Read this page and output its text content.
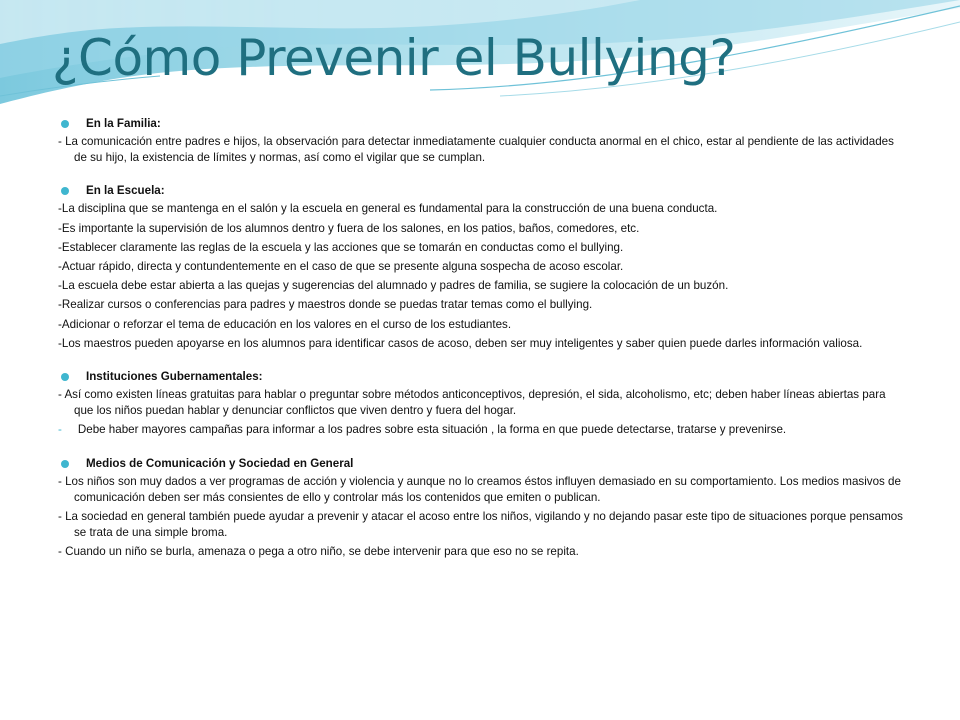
¿Cómo Prevenir el Bullying?
En la Familia:
- La comunicación entre padres e hijos, la observación para detectar inmediatamente cualquier conducta anormal en el chico, estar al pendiente de las actividades de su hijo, la existencia de límites y normas, así como el vigilar que se cumplan.
En la Escuela:
-La disciplina que se mantenga en el salón y la escuela en general es fundamental para la construcción de una buena conducta.
-Es importante la supervisión de los alumnos dentro y fuera de los salones, en los patios, baños, comedores, etc.
-Establecer claramente las reglas de la escuela y las acciones que se tomarán en conductas como el bullying.
-Actuar rápido, directa y contundentemente en el caso de que se presente alguna sospecha de acoso escolar.
-La escuela debe estar abierta a las quejas y sugerencias del alumnado y padres de familia, se sugiere la colocación de un buzón.
-Realizar cursos o conferencias para padres y maestros donde se puedas tratar temas como el bullying.
-Adicionar o reforzar el tema de educación en los valores en el curso de los estudiantes.
-Los maestros pueden apoyarse en los alumnos para identificar casos de acoso, deben ser muy inteligentes y saber quien puede darles información valiosa.
Instituciones Gubernamentales:
- Así como existen líneas gratuitas para hablar o preguntar sobre métodos anticonceptivos, depresión, el sida, alcoholismo, etc; deben haber líneas abiertas para que los niños puedan hablar y denunciar conflictos que viven dentro y fuera del hogar.
- Debe haber mayores campañas para informar a los padres sobre esta situación , la forma en que puede detectarse, tratarse y prevenirse.
Medios de Comunicación y Sociedad en General
- Los niños son muy dados a ver programas de acción y violencia y aunque no lo creamos éstos influyen demasiado en su comportamiento. Los medios masivos de comunicación deben ser más consientes de ello y controlar más los contenidos que emiten o publican.
- La sociedad en general también puede ayudar a prevenir y atacar el acoso entre los niños, vigilando y no dejando pasar este tipo de situaciones porque pensamos se trata de una simple broma.
- Cuando un niño se burla, amenaza o pega a otro niño, se debe intervenir para que eso no se repita.
